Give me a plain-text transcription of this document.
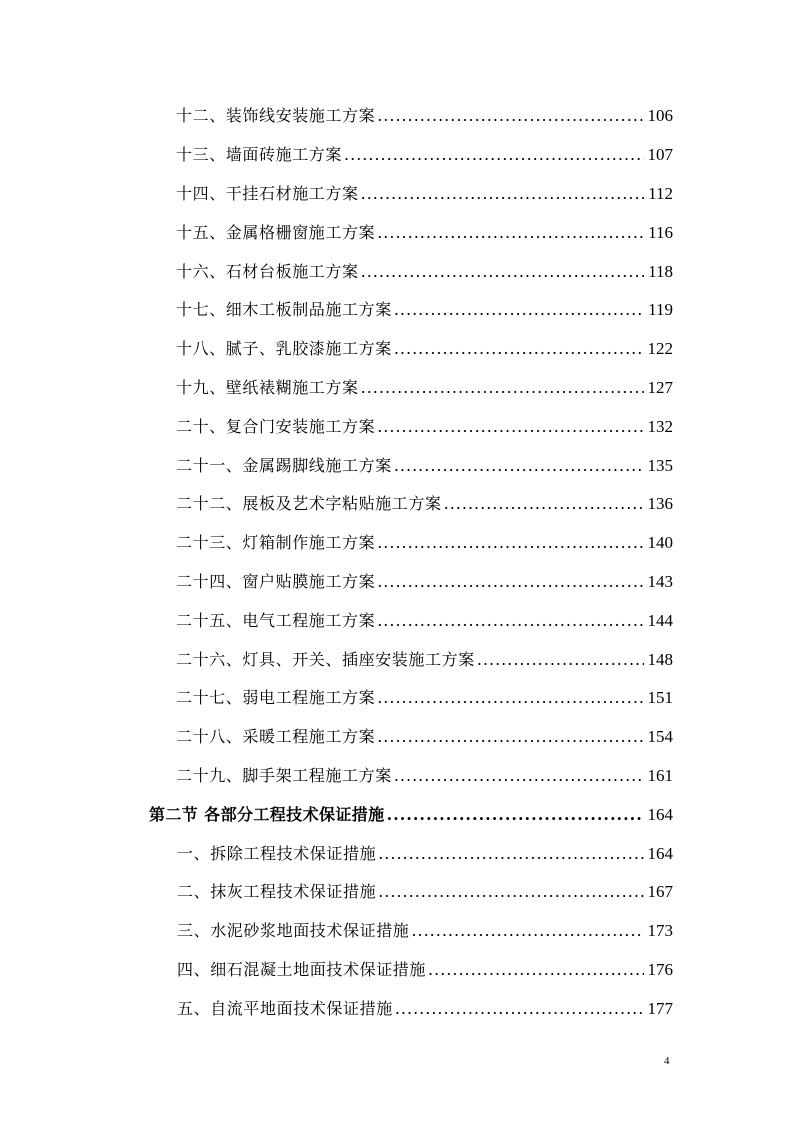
十二、装饰线安装施工方案 .....	106
十三、墙面砖施工方案 .....	107
十四、干挂石材施工方案 .....	112
十五、金属格栅窗施工方案 .....	116
十六、石材台板施工方案 .....	118
十七、细木工板制品施工方案 .....	119
十八、腻子、乳胶漆施工方案 .....	122
十九、壁纸裱糊施工方案 .....	127
二十、复合门安装施工方案 .....	132
二十一、金属踢脚线施工方案 .....	135
二十二、展板及艺术字粘贴施工方案 .....	136
二十三、灯箱制作施工方案 .....	140
二十四、窗户贴膜施工方案 .....	143
二十五、电气工程施工方案 .....	144
二十六、灯具、开关、插座安装施工方案 .....	148
二十七、弱电工程施工方案 .....	151
二十八、采暖工程施工方案 .....	154
二十九、脚手架工程施工方案 .....	161
第二节 各部分工程技术保证措施 .....	164
一、拆除工程技术保证措施 .....	164
二、抹灰工程技术保证措施 .....	167
三、水泥砂浆地面技术保证措施 .....	173
四、细石混凝土地面技术保证措施 .....	176
五、自流平地面技术保证措施 .....	177
4
